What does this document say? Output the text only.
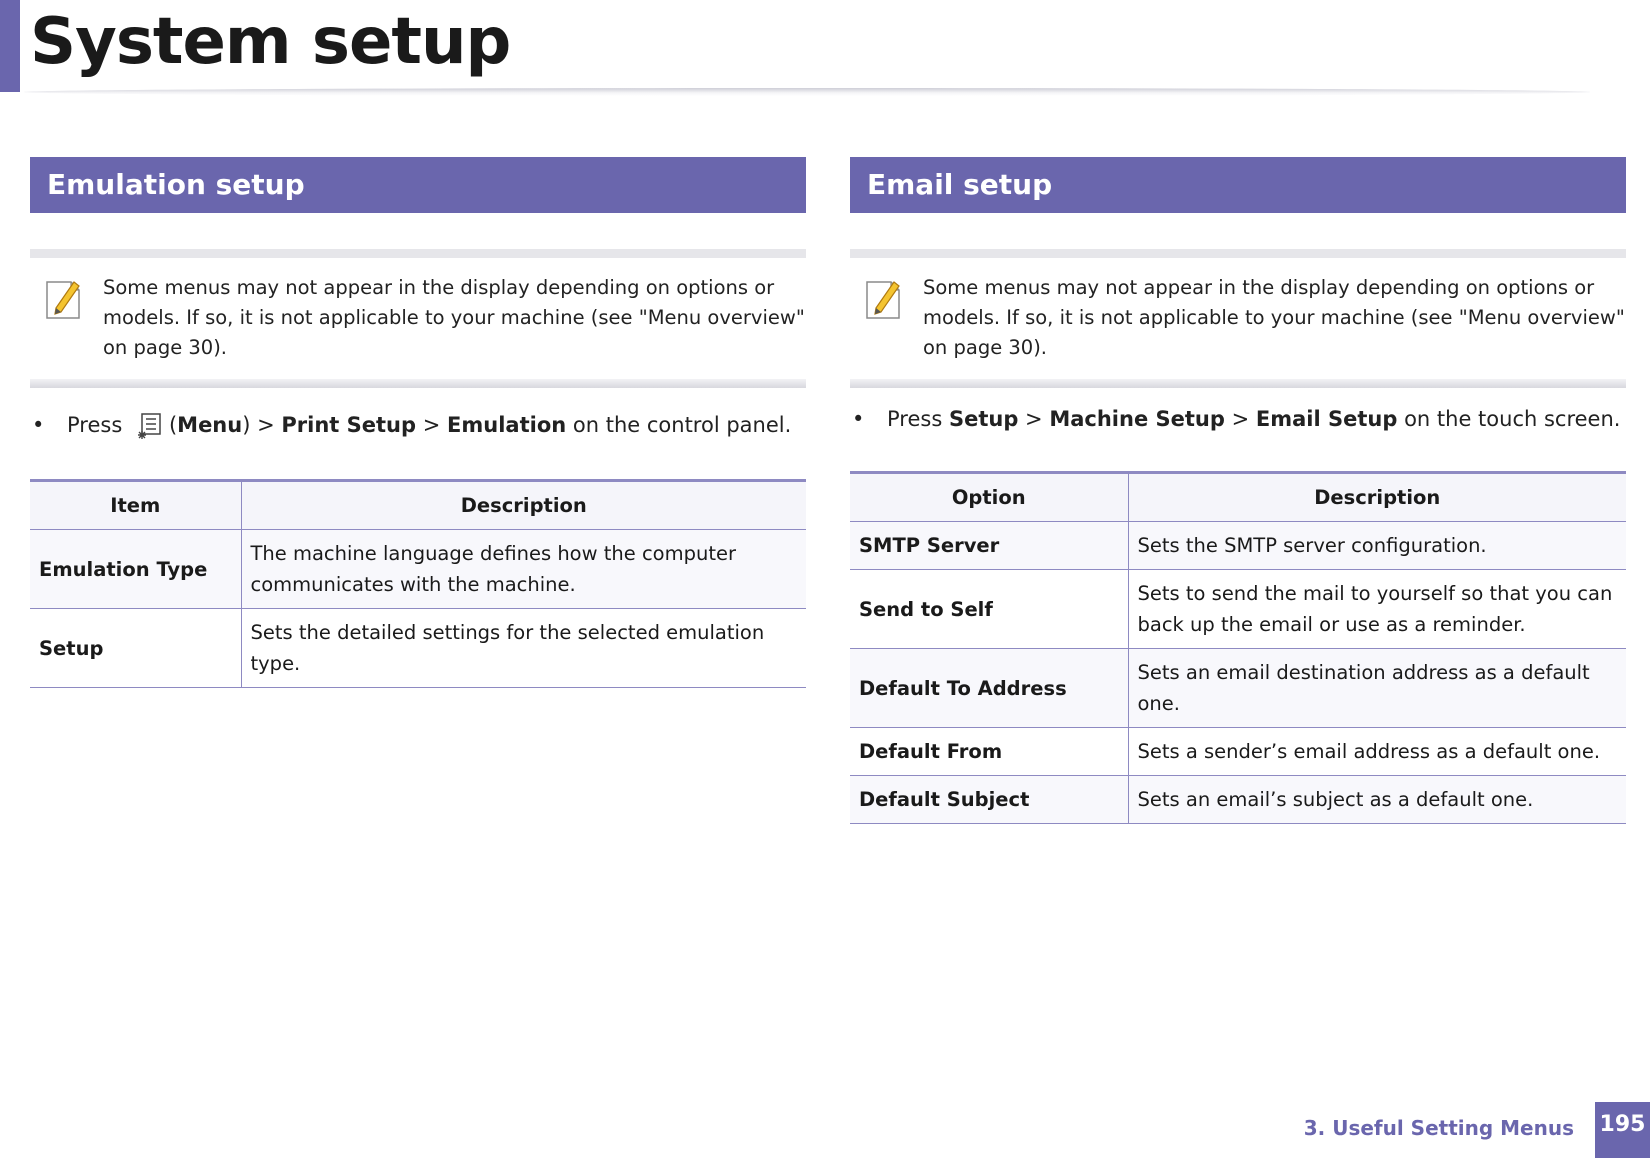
System setup
Emulation setup
Some menus may not appear in the display depending on options or models. If so, it is not applicable to your machine (see "Menu overview" on page 30).
• Press (Menu) > Print Setup > Emulation on the control panel.
Item	Description
Emulation Type	The machine language defines how the computer communicates with the machine.
Setup	Sets the detailed settings for the selected emulation type.
Email setup
Some menus may not appear in the display depending on options or models. If so, it is not applicable to your machine (see "Menu overview" on page 30).
• Press Setup > Machine Setup > Email Setup on the touch screen.
Option	Description
SMTP Server	Sets the SMTP server configuration.
Send to Self	Sets to send the mail to yourself so that you can back up the email or use as a reminder.
Default To Address	Sets an email destination address as a default one.
Default From	Sets a sender’s email address as a default one.
Default Subject	Sets an email’s subject as a default one.
3. Useful Setting Menus 195
